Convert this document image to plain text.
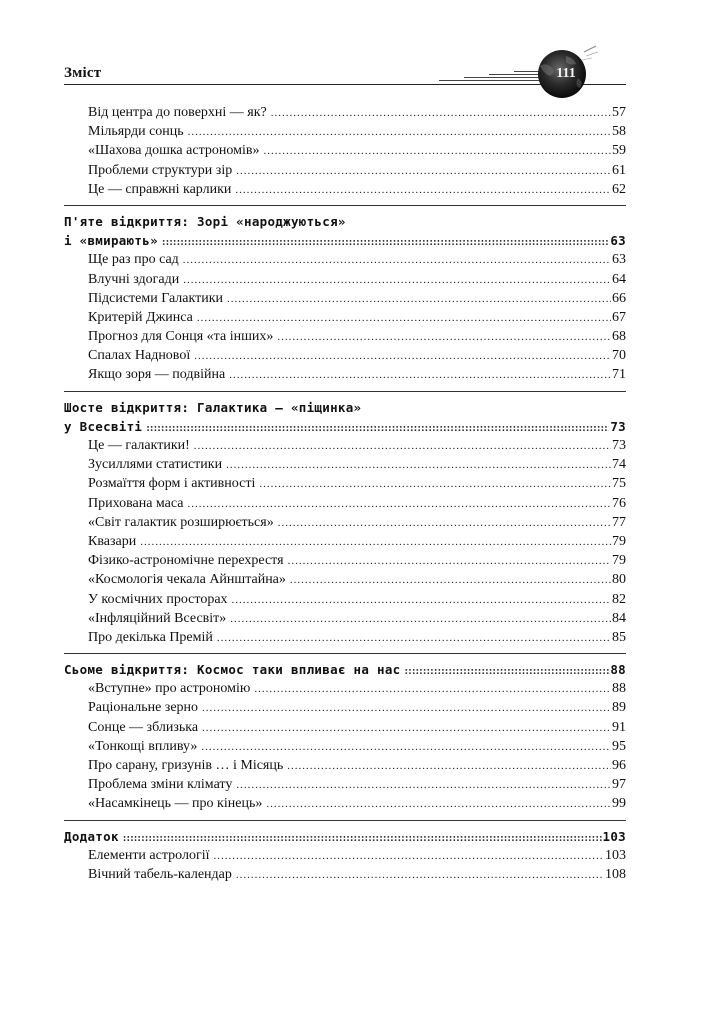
Зміст	111
Від центра до поверхні — як? .....	57
Мільярди сонць .....	58
«Шахова дошка астрономів» .....	59
Проблеми структури зір .....	61
Це — справжні карлики .....	62
П'яте відкриття: Зорі «народжуються»
і «вмирають» ::::::::::::::::::::::::::::::::::::::::::::::::::::::::::::::::::::::::::::::::::::::::::::::::::::::::::::::::::::::::::::::::::::::::::::::::::::::::::	63
Ще раз про сад .....	63
Влучні здогади .....	64
Підсистеми Галактики .....	66
Критерій Джинса .....	67
Прогноз для Сонця «та інших» .....	68
Спалах Наднової .....	70
Якщо зоря — подвійна .....	71
Шосте відкриття: Галактика — «піщинка»
у Всесвіті ::::::::::::::::::::::::::::::::::::::::::::::::::::::::::::::::::::::::::::::::::::::::::::::::::::::::::::::::::::::::::::::::::::::::::::::::::::::::::	73
Це — галактики! .....	73
Зусиллями статистики .....	74
Розмаїття форм і активності .....	75
Прихована маса .....	76
«Світ галактик розширюється» .....	77
Квазари .....	79
Фізико-астрономічне перехрестя .....	79
«Космологія чекала Айнштайна» .....	80
У космічних просторах .....	82
«Інфляційний Всесвіт» .....	84
Про декілька Премій .....	85
Сьоме відкриття: Космос таки впливає на нас ::::::::::::::::::::::::::::::::::::::::::::::::::::::::::::::::::::::::::::::::::::::::::::::::::::::::::::::::::::::::::::::::::::::::::::::::::::::::::	88
«Вступне» про астрономію .....	88
Раціональне зерно .....	89
Сонце — зблизька .....	91
«Тонкощі впливу» .....	95
Про сарану, гризунів … і Місяць .....	96
Проблема зміни клімату .....	97
«Насамкінець — про кінець» .....	99
Додаток ::::::::::::::::::::::::::::::::::::::::::::::::::::::::::::::::::::::::::::::::::::::::::::::::::::::::::::::::::::::::::::::::::::::::::::::::::::::::::	103
Елементи астрології .....	103
Вічний табель-календар .....	108
